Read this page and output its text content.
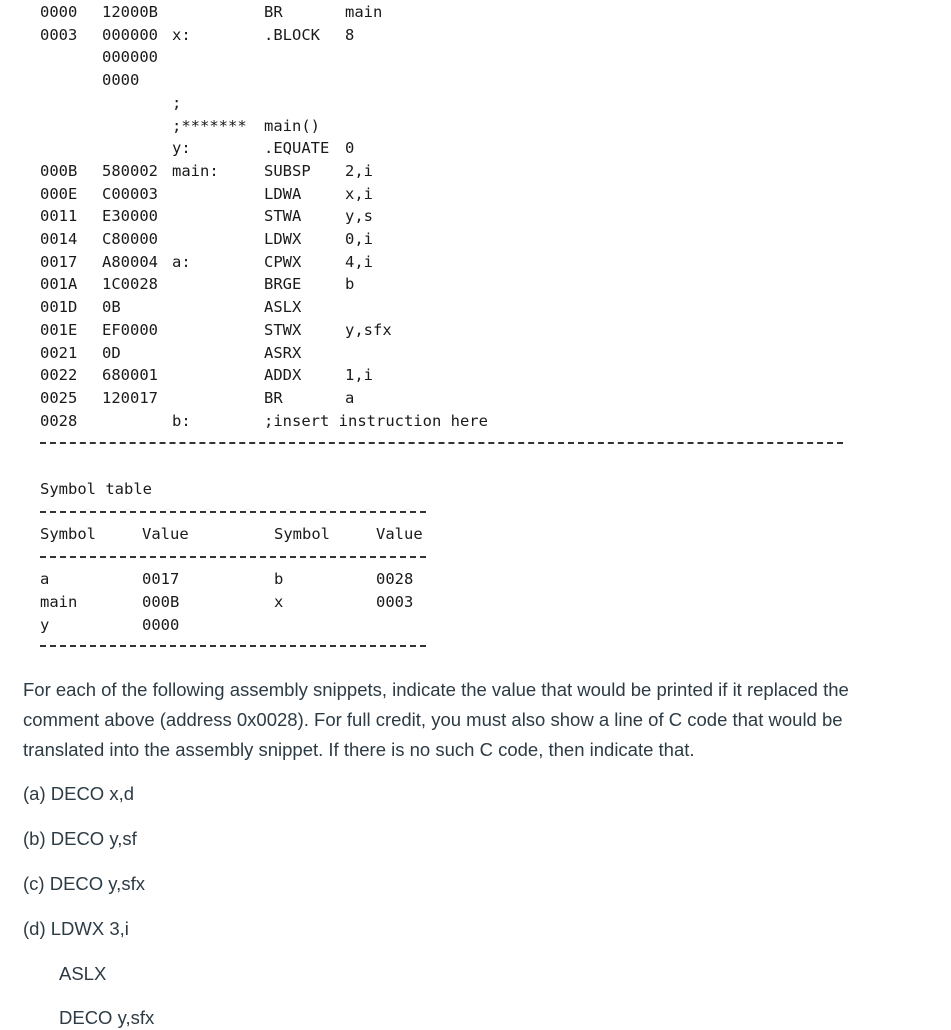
0000 12000B	BR	main
0003 000000 x:	.BLOCK 8
000000
0000
;
;******* main()
y:	.EQUATE 0
000B 580002 main:	SUBSP 2,i
000E C00003	LDWA	x,i
0011 E30000	STWA	y,s
0014 C80000	LDWX	0,i
0017 A80004 a:	CPWX	4,i
001A 1C0028	BRGE	b
001D 0B	ASLX
001E EF0000	STWX	y,sfx
0021 0D	ASRX
0022 680001	ADDX	1,i
0025 120017	BR	a
0028	b:	;insert instruction here
Symbol table
Symbol	Value	Symbol	Value
a	0017	b	0028
main	000B	x	0003
y	0000
For each of the following assembly snippets, indicate the value that would be printed if it replaced the
comment above (address 0x0028). For full credit, you must also show a line of C code that would be
translated into the assembly snippet. If there is no such C code, then indicate that.
(a) DECO x,d
(b) DECO y,sf
(c) DECO y,sfx
(d) LDWX 3,i
ASLX
DECO y,sfx
